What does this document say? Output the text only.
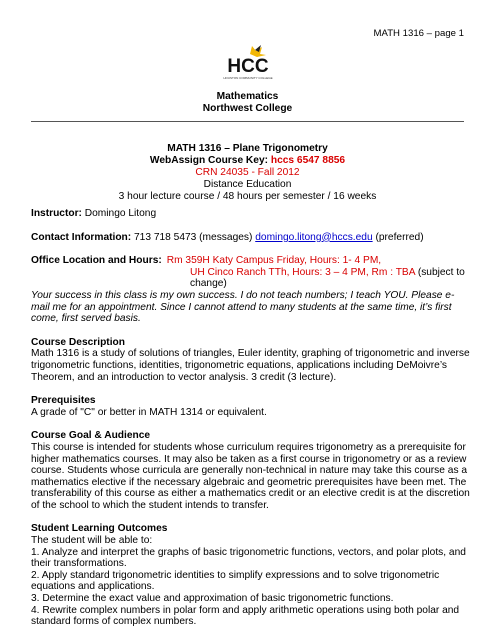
MATH 1316 – page 1
HCC
HOUSTON COMMUNITY COLLEGE
Mathematics
Northwest College
MATH 1316 – Plane Trigonometry
WebAssign Course Key: hccs 6547 8856
CRN 24035 - Fall 2012
Distance Education
3 hour lecture course / 48 hours per semester / 16 weeks

Instructor: Domingo Litong

Contact Information: 713 718 5473 (messages) domingo.litong@hccs.edu (preferred)

Office Location and Hours: Rm 359H Katy Campus Friday, Hours: 1- 4 PM,

UH Cinco Ranch TTh, Hours: 3 – 4 PM, Rm : TBA (subject to change)

Your success in this class is my own success. I do not teach numbers; I teach YOU. Please e-mail me for an appointment. Since I cannot attend to many students at the same time, it’s first come, first served basis.

Course Description

Math 1316 is a study of solutions of triangles, Euler identity, graphing of trigonometric and inverse trigonometric functions, identities, trigonometric equations, applications including DeMoivre’s Theorem, and an introduction to vector analysis. 3 credit (3 lecture).

Prerequisites

A grade of "C" or better in MATH 1314 or equivalent.

Course Goal & Audience

This course is intended for students whose curriculum requires trigonometry as a prerequisite for higher mathematics courses. It may also be taken as a first course in trigonometry or as a review course. Students whose curricula are generally non-technical in nature may take this course as a mathematics elective if the necessary algebraic and geometric prerequisites have been met. The transferability of this course as either a mathematics credit or an elective credit is at the discretion of the school to which the student intends to transfer.

Student Learning Outcomes

The student will be able to:

1. Analyze and interpret the graphs of basic trigonometric functions, vectors, and polar plots, and their transformations.

2. Apply standard trigonometric identities to simplify expressions and to solve trigonometric equations and applications.

3. Determine the exact value and approximation of basic trigonometric functions.

4. Rewrite complex numbers in polar form and apply arithmetic operations using both polar and standard forms of complex numbers.
